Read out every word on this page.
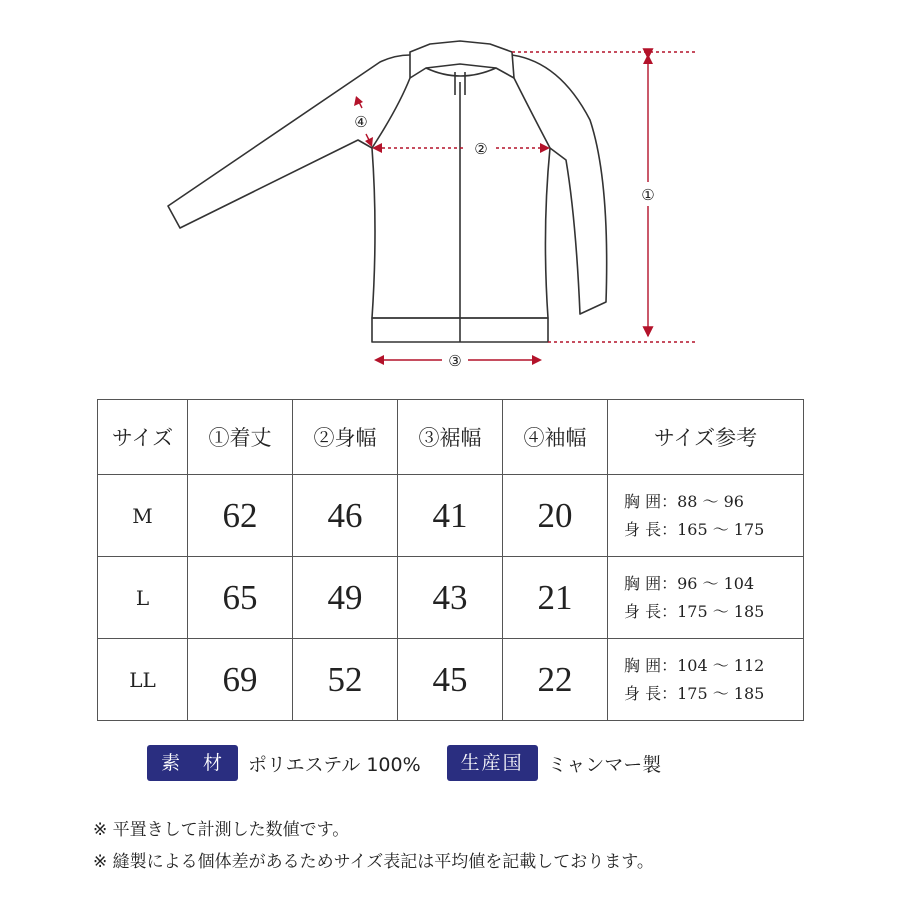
①
②
③
④
サイズ	①着丈	②身幅	③裾幅	④袖幅	サイズ参考
M	62	46	41	20	胸 囲：88 ～ 96
身 長：165 ～ 175

L	65	49	43	21	胸 囲：96 ～ 104
身 長：175 ～ 185

LL	69	52	45	22	胸 囲：104 ～ 112
身 長：175 ～ 185
素　材	ポリエステル 100%	生産国	ミャンマー製
※ 平置きして計測した数値です。
※ 縫製による個体差があるためサイズ表記は平均値を記載しております。
